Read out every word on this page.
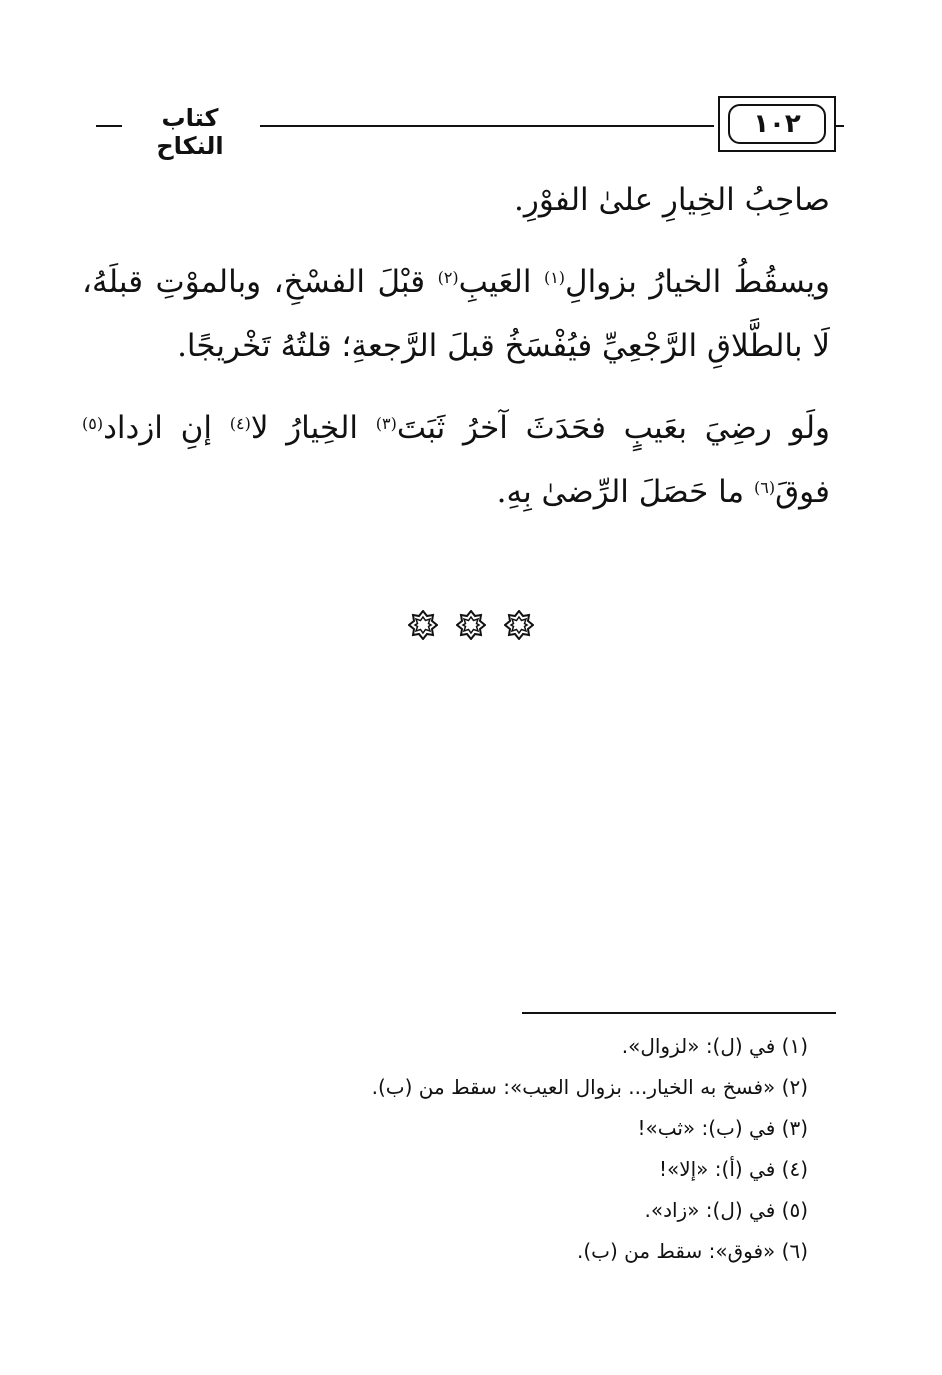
كتاب النكاح
١٠٢

صاحِبُ الخِيارِ علىٰ الفوْرِ.

ويسقُطُ الخيارُ بزوالِ$^{(١)}$ العَيبِ$^{(٢)}$ قبْلَ الفسْخِ، وبالموْتِ قبلَهُ، لَا بالطَّلاقِ الرَّجْعِيِّ فيُفْسَخُ قبلَ الرَّجعةِ؛ قلتُهُ تَخْريجًا.

ولَو رضِيَ بعَيبٍ فحَدَثَ آخرُ ثَبَتَ$^{(٣)}$ الخِيارُ لا$^{(٤)}$ إنِ ازداد$^{(٥)}$ فوقَ$^{(٦)}$ ما حَصَلَ الرِّضىٰ بِهِ.

(١) في (ل): «لزوال».
(٢) «فسخ به الخيار... بزوال العيب»: سقط من (ب).
(٣) في (ب): «ثب»!
(٤) في (أ): «إلا»!
(٥) في (ل): «زاد».
(٦) «فوق»: سقط من (ب).
